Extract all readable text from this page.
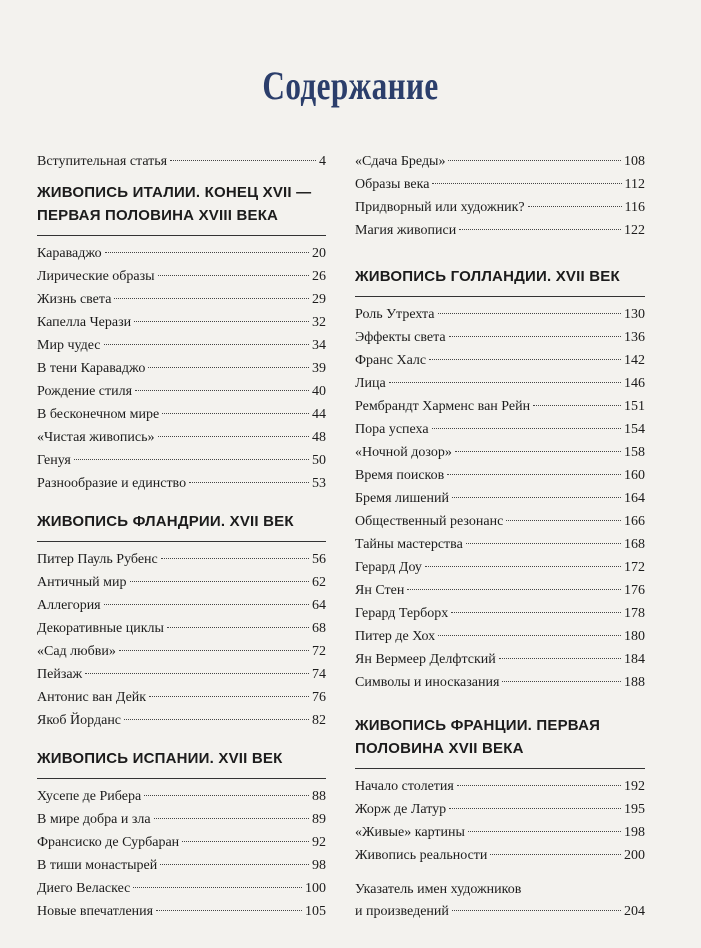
Содержание
Вступительная статья	4
ЖИВОПИСЬ ИТАЛИИ. КОНЕЦ XVII —
ПЕРВАЯ ПОЛОВИНА XVIII ВЕКА
Караваджо	20
Лирические образы	26
Жизнь света	29
Капелла Черази	32
Мир чудес	34
В тени Караваджо	39
Рождение стиля	40
В бесконечном мире	44
«Чистая живопись»	48
Генуя	50
Разнообразие и единство	53
ЖИВОПИСЬ ФЛАНДРИИ. XVII ВЕК
Питер Пауль Рубенс	56
Античный мир	62
Аллегория	64
Декоративные циклы	68
«Сад любви»	72
Пейзаж	74
Антонис ван Дейк	76
Якоб Йорданс	82
ЖИВОПИСЬ ИСПАНИИ. XVII ВЕК
Хусепе де Рибера	88
В мире добра и зла	89
Франсиско де Сурбаран	92
В тиши монастырей	98
Диего Веласкес	100
Новые впечатления	105
«Сдача Бреды»	108
Образы века	112
Придворный или художник?	116
Магия живописи	122
ЖИВОПИСЬ ГОЛЛАНДИИ. XVII ВЕК
Роль Утрехта	130
Эффекты света	136
Франс Халс	142
Лица	146
Рембрандт Харменс ван Рейн	151
Пора успеха	154
«Ночной дозор»	158
Время поисков	160
Бремя лишений	164
Общественный резонанс	166
Тайны мастерства	168
Герард Доу	172
Ян Стен	176
Герард Терборх	178
Питер де Хох	180
Ян Вермеер Делфтский	184
Символы и иносказания	188
ЖИВОПИСЬ ФРАНЦИИ. ПЕРВАЯ
ПОЛОВИНА XVII ВЕКА
Начало столетия	192
Жорж де Латур	195
«Живые» картины	198
Живопись реальности	200
Указатель имен художников
и произведений	204
